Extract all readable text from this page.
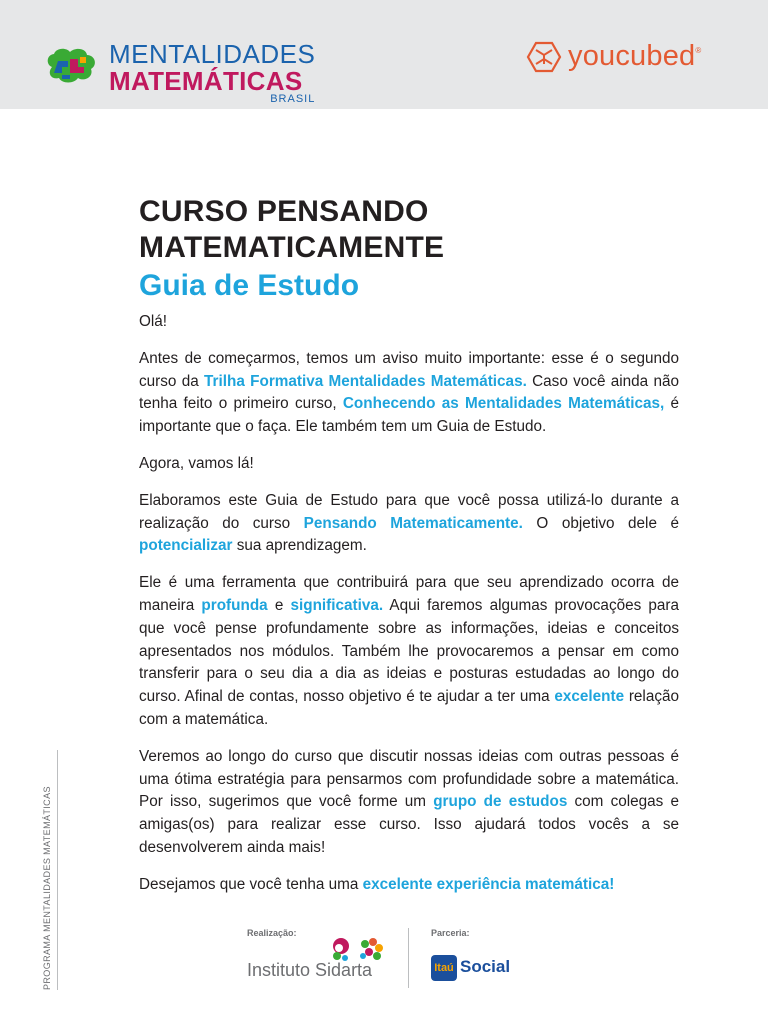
MENTALIDADES
MATEMÁTICAS
BRASIL
youcubed ®
CURSO PENSANDO
MATEMATICAMENTE
Guia de Estudo

Olá!

Antes de começarmos, temos um aviso muito importante: esse é o segundo curso da Trilha Formativa Mentalidades Matemáticas. Caso você ainda não tenha feito o primeiro curso, Conhecendo as Mentalidades Matemáticas, é importante que o faça. Ele também tem um Guia de Estudo.

Agora, vamos lá!

Elaboramos este Guia de Estudo para que você possa utilizá-lo durante a realização do curso Pensando Matematicamente. O objetivo dele é potencializar sua aprendizagem.

Ele é uma ferramenta que contribuirá para que seu aprendizado ocorra de maneira profunda e significativa. Aqui faremos algumas provocações para que você pense profundamente sobre as informações, ideias e conceitos apresentados nos módulos. Também lhe provocaremos a pensar em como transferir para o seu dia a dia as ideias e posturas estudadas ao longo do curso. Afinal de contas, nosso objetivo é te ajudar a ter uma excelente relação com a matemática.

Veremos ao longo do curso que discutir nossas ideias com outras pessoas é uma ótima estratégia para pensarmos com profundidade sobre a matemática. Por isso, sugerimos que você forme um grupo de estudos com colegas e amigas(os) para realizar esse curso. Isso ajudará todos vocês a se desenvolverem ainda mais!

Desejamos que você tenha uma excelente experiência matemática!

PROGRAMA MENTALIDADES MATEMÁTICAS	Realização:
Instituto Sidarta
Parceria:
Itaú Social
